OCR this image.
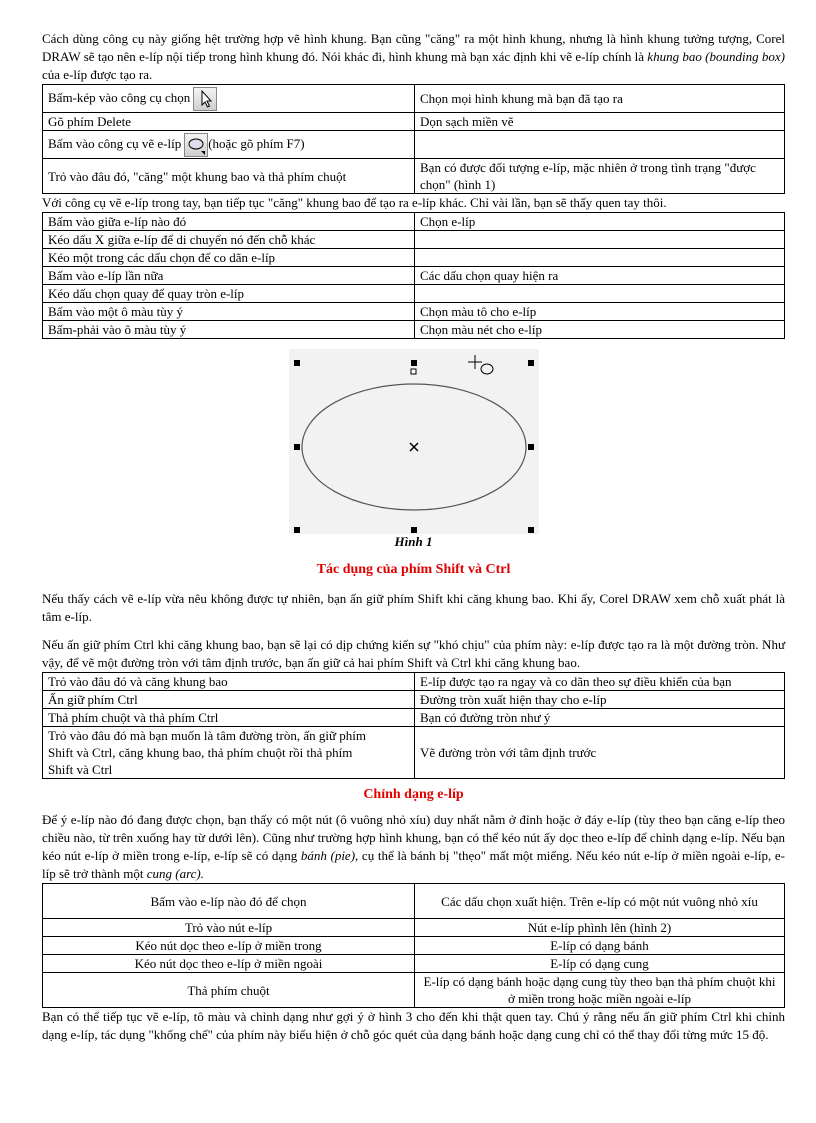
Cách dùng công cụ này giống hệt trường hợp vẽ hình khung. Bạn cũng "căng" ra một hình khung, nhưng là hình khung tưởng tượng, Corel DRAW sẽ tạo nên e-líp nội tiếp trong hình khung đó. Nói khác đi, hình khung mà bạn xác định khi vẽ e-líp chính là khung bao (bounding box) của e-líp được tạo ra.

Bấm-kép vào công cụ chọn	Chọn mọi hình khung mà bạn đã tạo ra
Gõ phím Delete	Dọn sạch miền vẽ
Bấm vào công cụ vẽ e-líp (hoặc gõ phím F7)	
Trỏ vào đâu đó, "căng" một khung bao và thả phím chuột	Bạn có được đối tượng e-líp, mặc nhiên ở trong tình trạng "được chọn" (hình 1)

Với công cụ vẽ e-líp trong tay, bạn tiếp tục "căng" khung bao để tạo ra e-líp khác. Chỉ vài lần, bạn sẽ thấy quen tay thôi.

Bấm vào giữa e-líp nào đó	Chọn e-líp
Kéo dấu X giữa e-líp để di chuyển nó đến chỗ khác	
Kéo một trong các dấu chọn để co dãn e-líp	
Bấm vào e-líp lần nữa	Các dấu chọn quay hiện ra
Kéo dấu chọn quay để quay tròn e-líp	
Bấm vào một ô màu tùy ý	Chọn màu tô cho e-líp
Bấm-phải vào ô màu tùy ý	Chọn màu nét cho e-líp
Hình 1
Tác dụng của phím Shift và Ctrl

Nếu thấy cách vẽ e-líp vừa nêu không được tự nhiên, bạn ấn giữ phím Shift khi căng khung bao. Khi ấy, Corel DRAW xem chỗ xuất phát là tâm e-líp.

Nếu ấn giữ phím Ctrl khi căng khung bao, bạn sẽ lại có dịp chứng kiến sự "khó chịu" của phím này: e-líp được tạo ra là một đường tròn. Như vậy, để vẽ một đường tròn với tâm định trước, bạn ấn giữ cả hai phím Shift và Ctrl khi căng khung bao.

Trỏ vào đâu đó và căng khung bao	E-líp được tạo ra ngay và co dãn theo sự điều khiển của bạn
Ấn giữ phím Ctrl	Đường tròn xuất hiện thay cho e-líp
Thả phím chuột và thả phím Ctrl	Bạn có đường tròn như ý
Trỏ vào đâu đó mà bạn muốn là tâm đường tròn, ấn giữ phím Shift và Ctrl, căng khung bao, thả phím chuột rồi thả phím Shift và Ctrl	Vẽ đường tròn với tâm định trước
Chỉnh dạng e-líp

Để ý e-líp nào đó đang được chọn, bạn thấy có một nút (ô vuông nhỏ xíu) duy nhất nằm ở đỉnh hoặc ở đáy e-líp (tùy theo bạn căng e-líp theo chiều nào, từ trên xuống hay từ dưới lên). Cũng như trường hợp hình khung, bạn có thể kéo nút ấy dọc theo e-líp để chỉnh dạng e-líp. Nếu bạn kéo nút e-líp ở miền trong e-líp, e-líp sẽ có dạng bánh (pie), cụ thể là bánh bị "thẹo" mất một miếng. Nếu kéo nút e-líp ở miền ngoài e-líp, e-líp sẽ trở thành một cung (arc).

Bấm vào e-líp nào đó để chọn	Các dấu chọn xuất hiện. Trên e-líp có một nút vuông nhỏ xíu
Trỏ vào nút e-líp	Nút e-líp phình lên (hình 2)
Kéo nút dọc theo e-líp ở miền trong	E-líp có dạng bánh
Kéo nút dọc theo e-líp ở miền ngoài	E-líp có dạng cung
Thả phím chuột	E-líp có dạng bánh hoặc dạng cung tùy theo bạn thả phím chuột khi ở miền trong hoặc miền ngoài e-líp

Bạn có thể tiếp tục vẽ e-líp, tô màu và chỉnh dạng như gợi ý ở hình 3 cho đến khi thật quen tay. Chú ý rằng nếu ấn giữ phím Ctrl khi chỉnh dạng e-líp, tác dụng "khống chế" của phím này biểu hiện ở chỗ góc quét của dạng bánh hoặc dạng cung chỉ có thể thay đổi từng mức 15 độ.
